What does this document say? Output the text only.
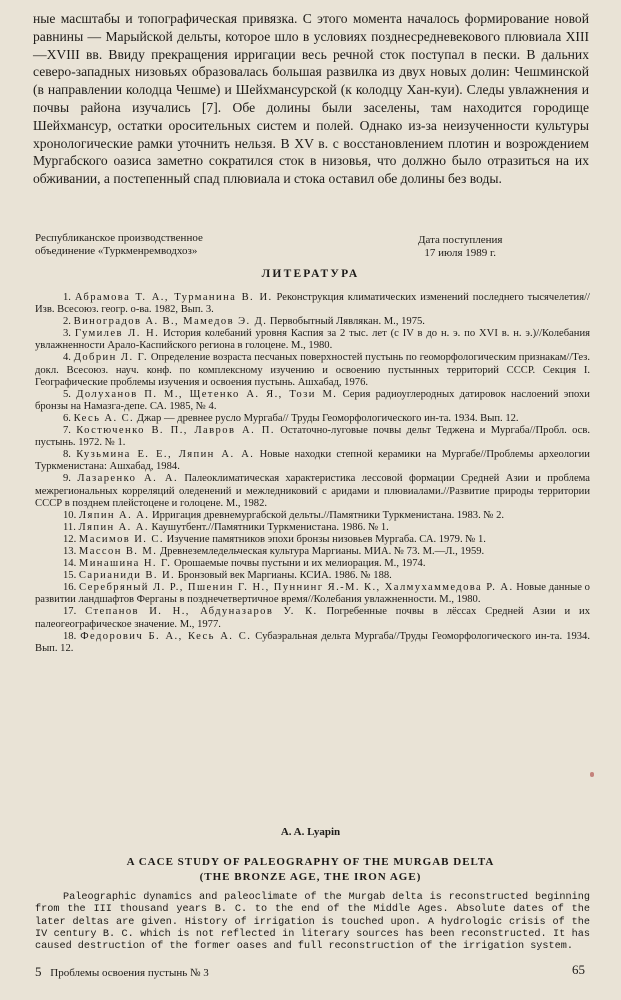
ные масштабы и топографическая привязка. С этого момента началось формирование новой равнины — Марыйской дельты, которое шло в условиях позднесредневекового плювиала XIII—XVIII вв. Ввиду прекращения ирригации весь речной сток поступал в пески. В дальних северо-западных низовьях образовалась большая развилка из двух новых долин: Чешминской (в направлении колодца Чешме) и Шейхмансурской (к колодцу Хан-куи). Следы увлажнения и почвы района изучались [7]. Обе долины были заселены, там находится городище Шейхмансур, остатки оросительных систем и полей. Однако из-за неизученности культуры хронологические рамки уточнить нельзя. В XV в. с восстановлением плотин и возрождением Мургабского оазиса заметно сократился сток в низовья, что должно было отразиться на их обживании, а постепенный спад плювиала и стока оставил обе долины без воды.

Республиканское производственное
объединение «Туркменремводхоз»
Дата поступления
17 июля 1989 г.
ЛИТЕРАТУРА

1. Абрамова Т. А., Турманина В. И. Реконструкция климатических изменений последнего тысячелетия//Изв. Всесоюз. геогр. о-ва. 1982, Вып. 3.

2. Виноградов А. В., Мамедов Э. Д. Первобытный Лявлякан. М., 1975.

3. Гумилев Л. Н. История колебаний уровня Каспия за 2 тыс. лет (с IV в до н. э. по XVI в. н. э.)//Колебания увлажненности Арало-Каспийского региона в голоцене. М., 1980.

4. Добрин Л. Г. Определение возраста песчаных поверхностей пустынь по геоморфологическим признакам//Тез. докл. Всесоюз. науч. конф. по комплексному изучению и освоению пустынных территорий СССР. Секция I. Географические проблемы изучения и освоения пустынь. Ашхабад, 1976.

5. Долуханов П. М., Щетенко А. Я., Този М. Серия радиоуглеродных датировок наслоений эпохи бронзы на Намазга-депе. СА. 1985, № 4.

6. Кесь А. С. Джар — древнее русло Мургаба// Труды Геоморфологического ин-та. 1934. Вып. 12.

7. Костюченко В. П., Лавров А. П. Остаточно-луговые почвы дельт Теджена и Мургаба//Пробл. осв. пустынь. 1972. № 1.

8. Кузьмина Е. Е., Ляпин А. А. Новые находки степной керамики на Мургабе//Проблемы археологии Туркменистана: Ашхабад, 1984.

9. Лазаренко А. А. Палеоклиматическая характеристика лессовой формации Средней Азии и проблема межрегиональных корреляций оледенений и межледниковий с аридами и плювиалами.//Развитие природы территории СССР в позднем плейстоцене и голоцене. М., 1982.

10. Ляпин А. А. Ирригация древнемургабской дельты.//Памятники Туркменистана. 1983. № 2.

11. Ляпин А. А. Каушутбент.//Памятники Туркменистана. 1986. № 1.

12. Масимов И. С. Изучение памятников эпохи бронзы низовьев Мургаба. СА. 1979. № 1.

13. Массон В. М. Древнеземледельческая культура Маргианы. МИА. № 73. М.—Л., 1959.

14. Минашина Н. Г. Орошаемые почвы пустыни и их мелиорация. М., 1974.

15. Сарианиди В. И. Бронзовый век Маргианы. КСИА. 1986. № 188.

16. Серебряный Л. Р., Пшенин Г. Н., Пуннинг Я.-М. К., Халмухаммедова Р. А. Новые данные о развитии ландшафтов Ферганы в позднечетвертичное время//Колебания увлажненности. М., 1980.

17. Степанов И. Н., Абдуназаров У. К. Погребенные почвы в лёссах Средней Азии и их палеогеографическое значение. М., 1977.

18. Федорович Б. А., Кесь А. С. Субаэральная дельта Мургаба//Труды Геоморфологического ин-та. 1934. Вып. 12.

A. A. Lyapin
A CACE STUDY OF PALEOGRAPHY OF THE MURGAB DELTA
(THE BRONZE AGE, THE IRON AGE)

Paleographic dynamics and paleoclimate of the Murgab delta is reconstructed beginning from the III thousand years B. C. to the end of the Middle Ages. Absolute dates of the later deltas are given. History of irrigation is touched upon. A hydrologic crisis of the IV century B. C. which is not reflected in literary sources has been reconstructed. It has caused destruction of the former oases and full reconstruction of the irrigation system.

5 Проблемы освоения пустынь № 3	65
